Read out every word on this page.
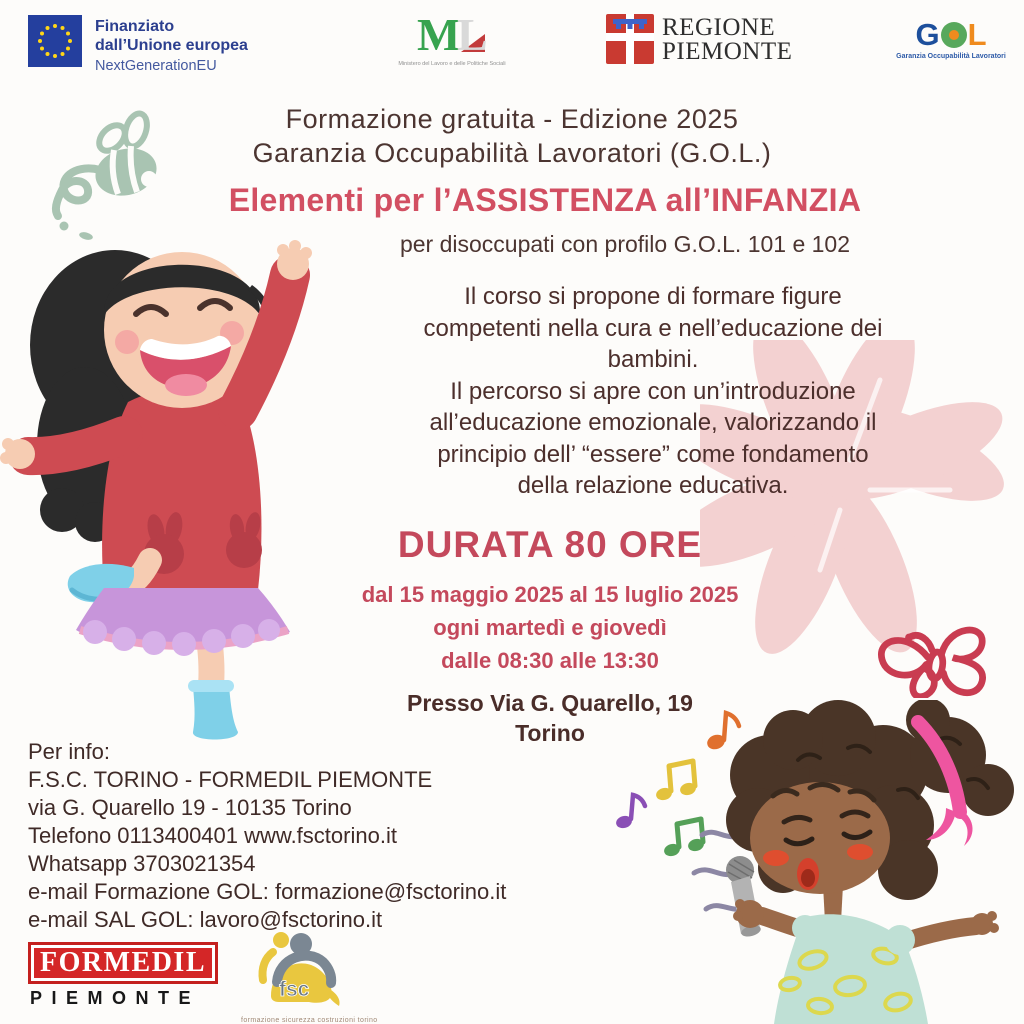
Finanziato
dall’Unione europea
NextGenerationEU
M
L
Ministero del Lavoro e delle Politiche Sociali
REGIONE
PIEMONTE	G L
Garanzia Occupabilità Lavoratori
Formazione gratuita - Edizione 2025
Garanzia Occupabilità Lavoratori (G.O.L.)
Elementi per l’ASSISTENZA all’INFANZIA
per disoccupati con profilo G.O.L. 101 e 102
Il corso si propone di formare figure
competenti nella cura e nell’educazione dei
bambini.
Il percorso si apre con un’introduzione
all’educazione emozionale, valorizzando il
principio dell’ “essere” come fondamento
della relazione educativa.
DURATA 80 ORE
dal 15 maggio 2025 al 15 luglio 2025
ogni martedì e giovedì
dalle 08:30 alle 13:30
Presso Via G. Quarello, 19
Torino
Per info:
F.S.C. TORINO - FORMEDIL PIEMONTE
via G. Quarello 19 - 10135 Torino
Telefono 0113400401 www.fsctorino.it
Whatsapp 3703021354
e-mail Formazione GOL: formazione@fsctorino.it
e-mail SAL GOL: lavoro@fsctorino.it
FORMEDIL
PIEMONTE	fsc
formazione sicurezza costruzioni torino
